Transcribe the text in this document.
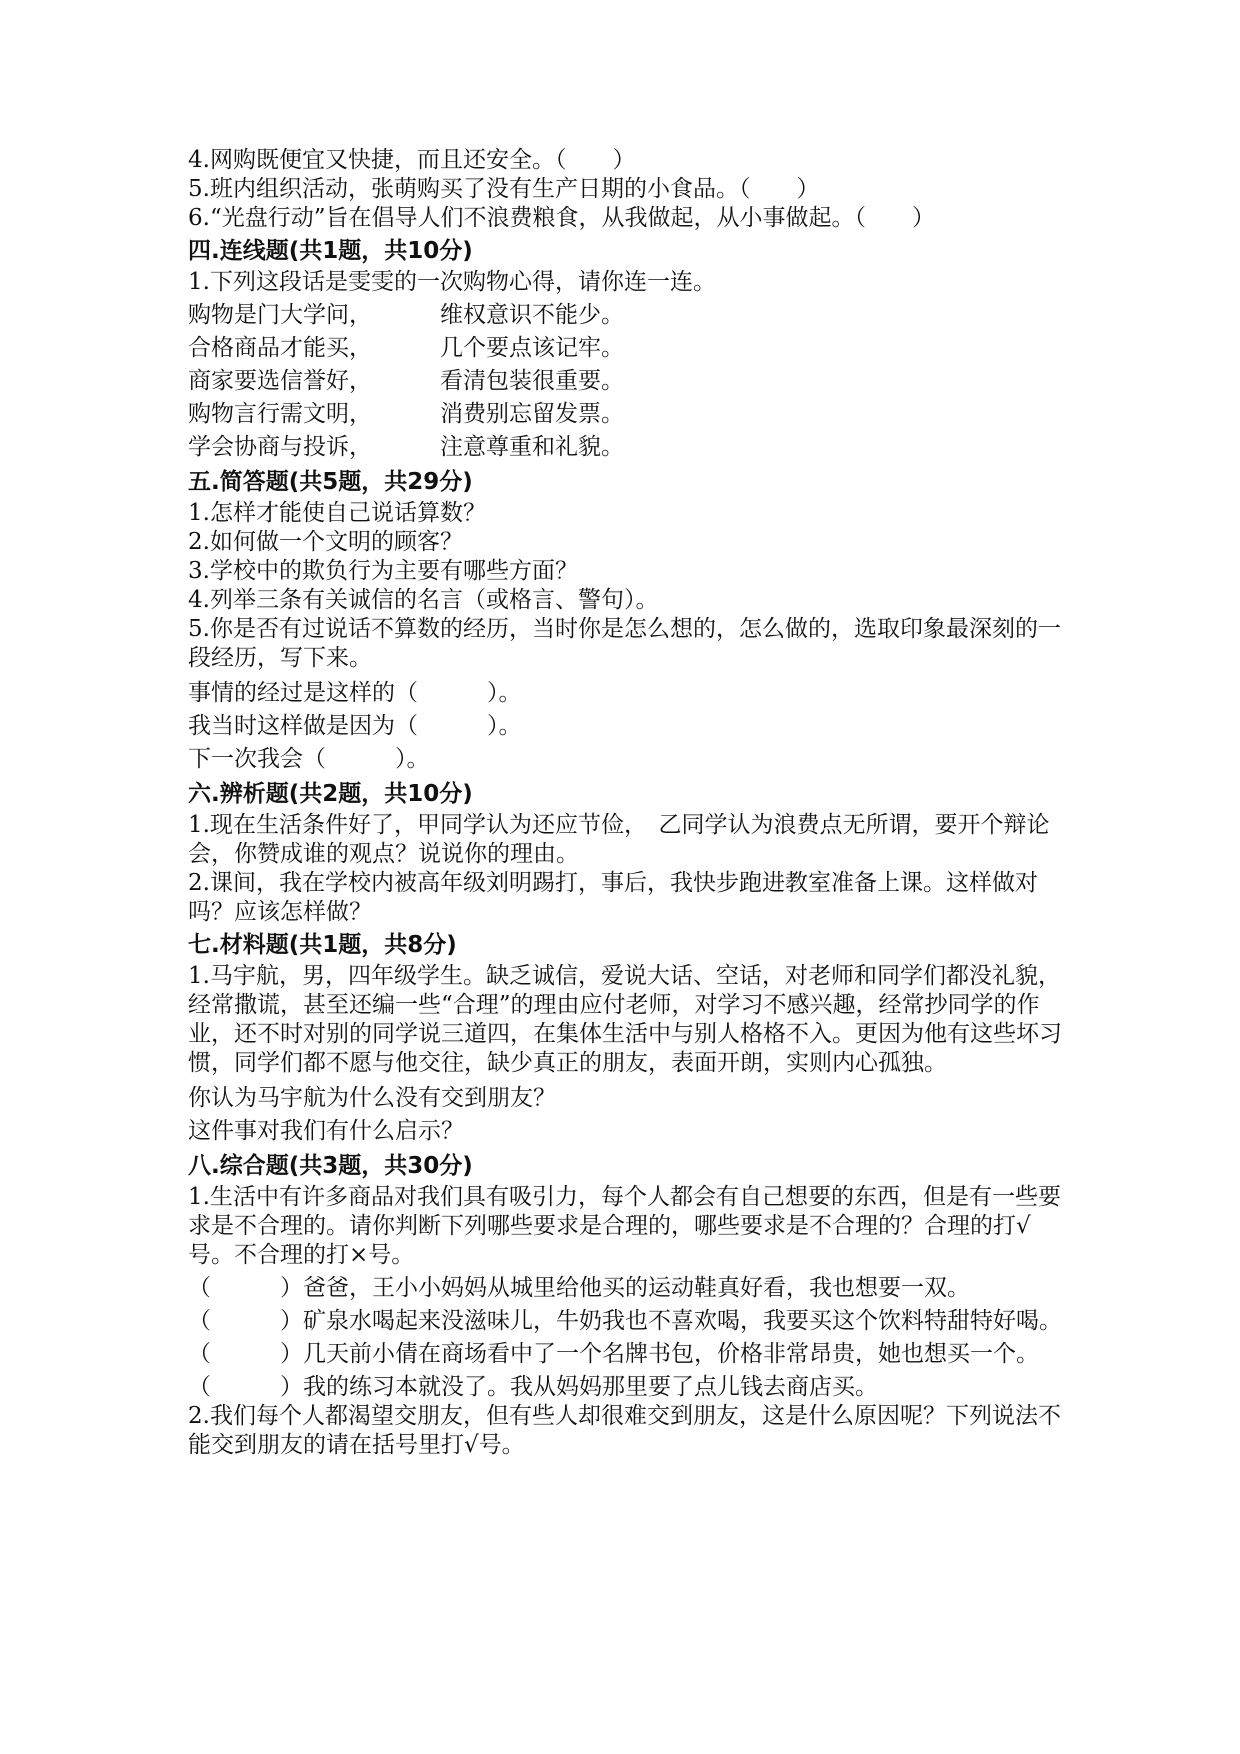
4.网购既便宜又快捷，而且还安全。（　　）
5.班内组织活动，张萌购买了没有生产日期的小食品。（　　）
6.“光盘行动”旨在倡导人们不浪费粮食，从我做起，从小事做起。（　　）
四.连线题(共1题，共10分)
1.下列这段话是雯雯的一次购物心得，请你连一连。
购物是门大学问，	维权意识不能少。
合格商品才能买，	几个要点该记牢。
商家要选信誉好，	看清包装很重要。
购物言行需文明，	消费别忘留发票。
学会协商与投诉，	注意尊重和礼貌。
五.简答题(共5题，共29分)
1.怎样才能使自己说话算数？
2.如何做一个文明的顾客？
3.学校中的欺负行为主要有哪些方面？
4.列举三条有关诚信的名言（或格言、警句）。
5.你是否有过说话不算数的经历，当时你是怎么想的，怎么做的，选取印象最深刻的一段经历，写下来。
事情的经过是这样的（　　　）。
我当时这样做是因为（　　　）。
下一次我会（　　　）。
六.辨析题(共2题，共10分)
1.现在生活条件好了，甲同学认为还应节俭，　乙同学认为浪费点无所谓，要开个辩论会，你赞成谁的观点？说说你的理由。
2.课间，我在学校内被高年级刘明踢打，事后，我快步跑进教室准备上课。这样做对吗？应该怎样做？
七.材料题(共1题，共8分)
1.马宇航，男，四年级学生。缺乏诚信，爱说大话、空话，对老师和同学们都没礼貌，经常撒谎，甚至还编一些“合理”的理由应付老师，对学习不感兴趣，经常抄同学的作业，还不时对别的同学说三道四，在集体生活中与别人格格不入。更因为他有这些坏习惯，同学们都不愿与他交往，缺少真正的朋友，表面开朗，实则内心孤独。
你认为马宇航为什么没有交到朋友？
这件事对我们有什么启示？
八.综合题(共3题，共30分)
1.生活中有许多商品对我们具有吸引力，每个人都会有自己想要的东西，但是有一些要求是不合理的。请你判断下列哪些要求是合理的，哪些要求是不合理的？合理的打√号。不合理的打×号。
（　　　）爸爸，王小小妈妈从城里给他买的运动鞋真好看，我也想要一双。
（　　　）矿泉水喝起来没滋味儿，牛奶我也不喜欢喝，我要买这个饮料特甜特好喝。
（　　　）几天前小倩在商场看中了一个名牌书包，价格非常昂贵，她也想买一个。
（　　　）我的练习本就没了。我从妈妈那里要了点儿钱去商店买。
2.我们每个人都渴望交朋友，但有些人却很难交到朋友，这是什么原因呢？下列说法不能交到朋友的请在括号里打√号。
